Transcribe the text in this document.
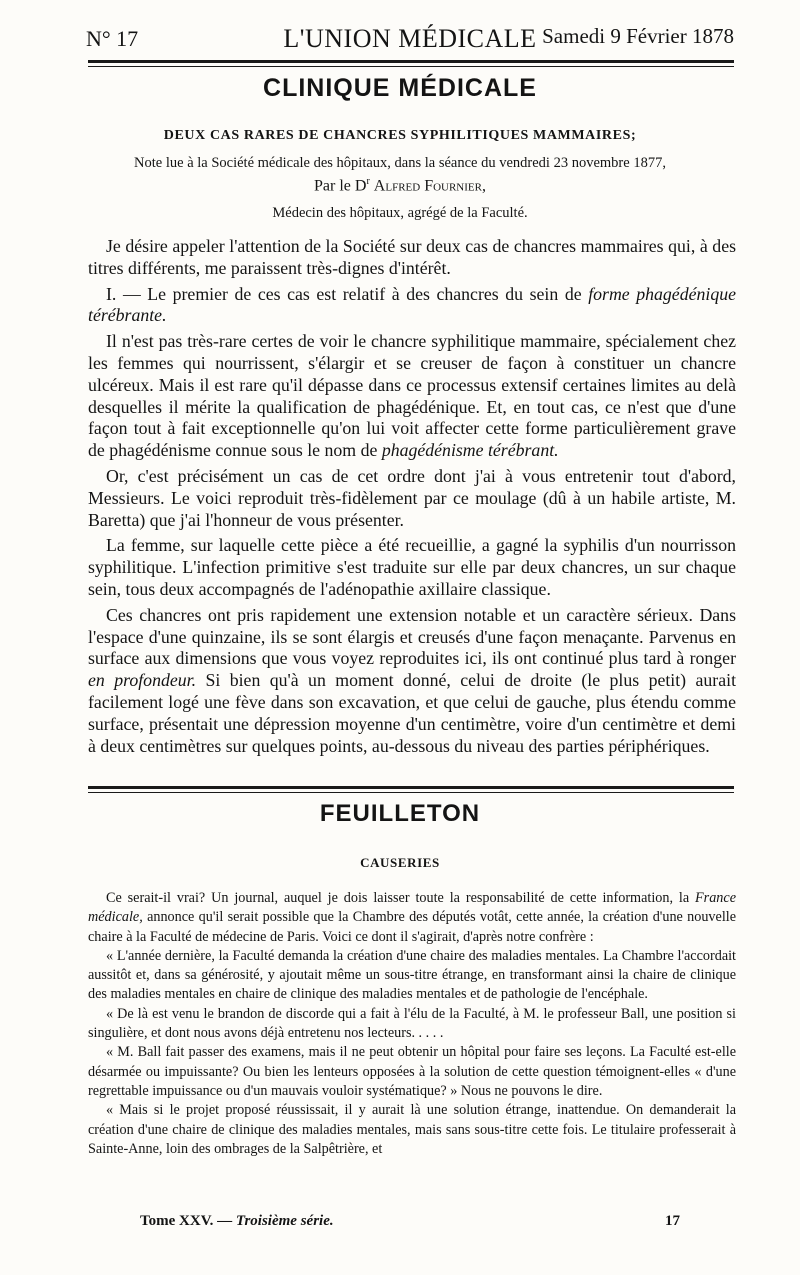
N° 17	L'UNION MÉDICALE Samedi 9 Février 1878
CLINIQUE MÉDICALE
DEUX CAS RARES DE CHANCRES SYPHILITIQUES MAMMAIRES;
Note lue à la Société médicale des hôpitaux, dans la séance du vendredi 23 novembre 1877,
Par le $D^r$ Alfred Fournier,
Médecin des hôpitaux, agrégé de la Faculté.

Je désire appeler l'attention de la Société sur deux cas de chancres mammaires qui, à des titres différents, me paraissent très-dignes d'intérêt.

I. — Le premier de ces cas est relatif à des chancres du sein de forme phagédénique térébrante.

Il n'est pas très-rare certes de voir le chancre syphilitique mammaire, spécialement chez les femmes qui nourrissent, s'élargir et se creuser de façon à constituer un chancre ulcéreux. Mais il est rare qu'il dépasse dans ce processus extensif certaines limites au delà desquelles il mérite la qualification de phagédénique. Et, en tout cas, ce n'est que d'une façon tout à fait exceptionnelle qu'on lui voit affecter cette forme particulièrement grave de phagédénisme connue sous le nom de phagédénisme térébrant.

Or, c'est précisément un cas de cet ordre dont j'ai à vous entretenir tout d'abord, Messieurs. Le voici reproduit très-fidèlement par ce moulage (dû à un habile artiste, M. Baretta) que j'ai l'honneur de vous présenter.

La femme, sur laquelle cette pièce a été recueillie, a gagné la syphilis d'un nourrisson syphilitique. L'infection primitive s'est traduite sur elle par deux chancres, un sur chaque sein, tous deux accompagnés de l'adénopathie axillaire classique.

Ces chancres ont pris rapidement une extension notable et un caractère sérieux. Dans l'espace d'une quinzaine, ils se sont élargis et creusés d'une façon menaçante. Parvenus en surface aux dimensions que vous voyez reproduites ici, ils ont continué plus tard à ronger en profondeur. Si bien qu'à un moment donné, celui de droite (le plus petit) aurait facilement logé une fève dans son excavation, et que celui de gauche, plus étendu comme surface, présentait une dépression moyenne d'un centimètre, voire d'un centimètre et demi à deux centimètres sur quelques points, au-dessous du niveau des parties périphériques.

FEUILLETON
CAUSERIES

Ce serait-il vrai? Un journal, auquel je dois laisser toute la responsabilité de cette information, la France médicale, annonce qu'il serait possible que la Chambre des députés votât, cette année, la création d'une nouvelle chaire à la Faculté de médecine de Paris. Voici ce dont il s'agirait, d'après notre confrère :

« L'année dernière, la Faculté demanda la création d'une chaire des maladies mentales. La Chambre l'accordait aussitôt et, dans sa générosité, y ajoutait même un sous-titre étrange, en transformant ainsi la chaire de clinique des maladies mentales en chaire de clinique des maladies mentales et de pathologie de l'encéphale.

« De là est venu le brandon de discorde qui a fait à l'élu de la Faculté, à M. le professeur Ball, une position si singulière, et dont nous avons déjà entretenu nos lecteurs. . . . .

« M. Ball fait passer des examens, mais il ne peut obtenir un hôpital pour faire ses leçons. La Faculté est-elle désarmée ou impuissante? Ou bien les lenteurs opposées à la solution de cette question témoignent-elles « d'une regrettable impuissance ou d'un mauvais vouloir systématique? » Nous ne pouvons le dire.

« Mais si le projet proposé réussissait, il y aurait là une solution étrange, inattendue. On demanderait la création d'une chaire de clinique des maladies mentales, mais sans sous-titre cette fois. Le titulaire professerait à Sainte-Anne, loin des ombrages de la Salpêtrière, et

Tome XXV. — Troisième série.	17
